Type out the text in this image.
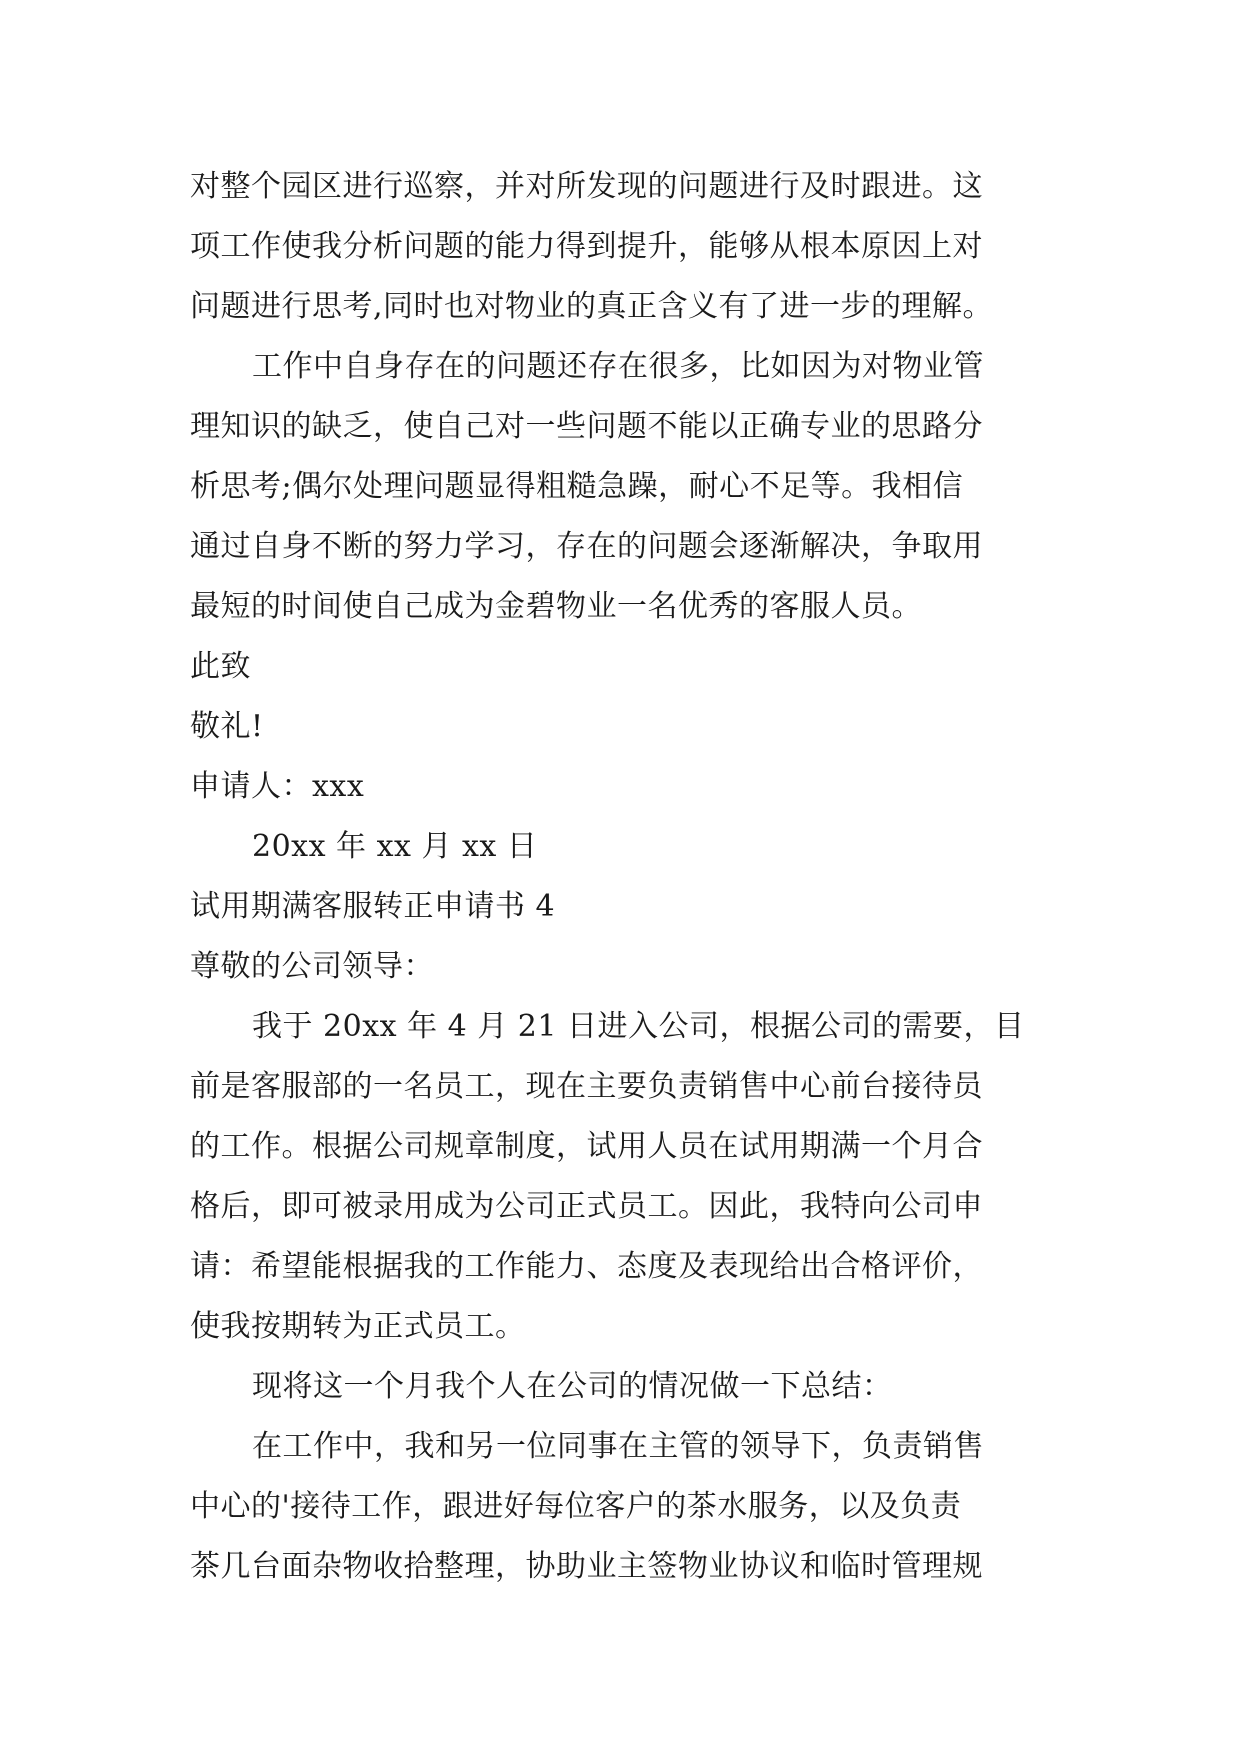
对整个园区进行巡察，并对所发现的问题进行及时跟进。这
项工作使我分析问题的能力得到提升，能够从根本原因上对
问题进行思考,同时也对物业的真正含义有了进一步的理解。
工作中自身存在的问题还存在很多，比如因为对物业管
理知识的缺乏，使自己对一些问题不能以正确专业的思路分
析思考;偶尔处理问题显得粗糙急躁，耐心不足等。我相信
通过自身不断的努力学习，存在的问题会逐渐解决，争取用
最短的时间使自己成为金碧物业一名优秀的客服人员。
此致
敬礼!
申请人：xxx
20xx 年 xx 月 xx 日
试用期满客服转正申请书 4
尊敬的公司领导：
我于 20xx 年 4 月 21 日进入公司，根据公司的需要，目
前是客服部的一名员工，现在主要负责销售中心前台接待员
的工作。根据公司规章制度，试用人员在试用期满一个月合
格后，即可被录用成为公司正式员工。因此，我特向公司申
请：希望能根据我的工作能力、态度及表现给出合格评价，
使我按期转为正式员工。
现将这一个月我个人在公司的情况做一下总结：
在工作中，我和另一位同事在主管的领导下，负责销售
中心的'接待工作，跟进好每位客户的茶水服务，以及负责
茶几台面杂物收拾整理，协助业主签物业协议和临时管理规
